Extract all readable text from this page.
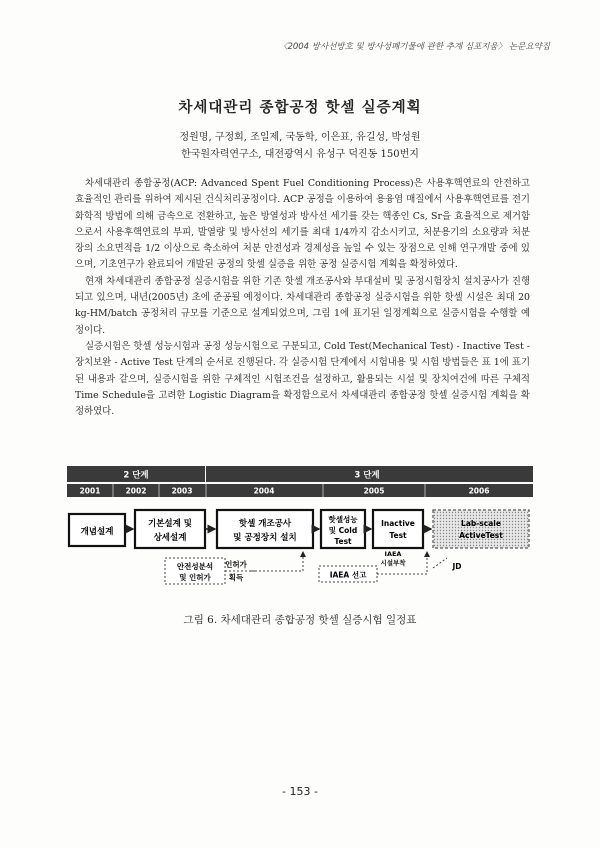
〈2004 방사선방호 및 방사성폐기물에 관한 추계 심포지움〉 논문요약집
차세대관리 종합공정 핫셀 실증계획
정원명, 구정회, 조일제, 국동학, 이은표, 유길성, 박성원
한국원자력연구소, 대전광역시 유성구 덕진동 150번지

차세대관리 종합공정(ACP: Advanced Spent Fuel Conditioning Process)은 사용후핵연료의 안전하고 효율적인 관리를 위하여 제시된 건식처리공정이다. ACP 공정을 이용하여 용융염 매질에서 사용후핵연료를 전기화학적 방법에 의해 금속으로 전환하고, 높은 방열성과 방사선 세기를 갖는 핵종인 Cs, Sr을 효율적으로 제거함으로서 사용후핵연료의 부피, 발열량 및 방사선의 세기를 최대 1/4까지 감소시키고, 처분용기의 소요량과 처분장의 소요면적을 1/2 이상으로 축소하여 처분 안전성과 경제성을 높일 수 있는 장점으로 인해 연구개발 중에 있으며, 기초연구가 완료되어 개발된 공정의 핫셀 실증을 위한 공정 실증시험 계획을 확정하였다.

현재 차세대관리 종합공정 실증시험을 위한 기존 핫셀 개조공사와 부대설비 및 공정시험장치 설치공사가 진행되고 있으며, 내년(2005년) 초에 준공될 예정이다. 차세대관리 종합공정 실증시험을 위한 핫셀 시설은 최대 20 kg-HM/batch 공정처리 규모를 기준으로 설계되었으며, 그림 1에 표기된 일정계획으로 실증시험을 수행할 예정이다.

실증시험은 핫셀 성능시험과 공정 성능시험으로 구분되고, Cold Test(Mechanical Test) - Inactive Test - 장치보완 - Active Test 단계의 순서로 진행된다. 각 실증시험 단계에서 시험내용 및 시험 방법들은 표 1에 표기된 내용과 같으며, 실증시험을 위한 구체적인 시험조건을 설정하고, 활용되는 시설 및 장치여건에 따른 구체적 Time Schedule을 고려한 Logistic Diagram을 확정함으로서 차세대관리 종합공정 핫셀 실증시험 계획을 확정하였다.

2 단계	3 단계
2001	2002	2003	2004	2005	2006
개념설계
기본설계 및
상세설계
핫셀 개조공사
및 공정장치 설치
핫셀성능
및 Cold
Test
Inactive
Test
Lab-scale
ActiveTest
안전성분석
및 인허가
인허가
획득	IAEA 선고
IAEA
시설부착	JD
그림 6. 차세대관리 종합공정 핫셀 실증시험 일정표
- 153 -
